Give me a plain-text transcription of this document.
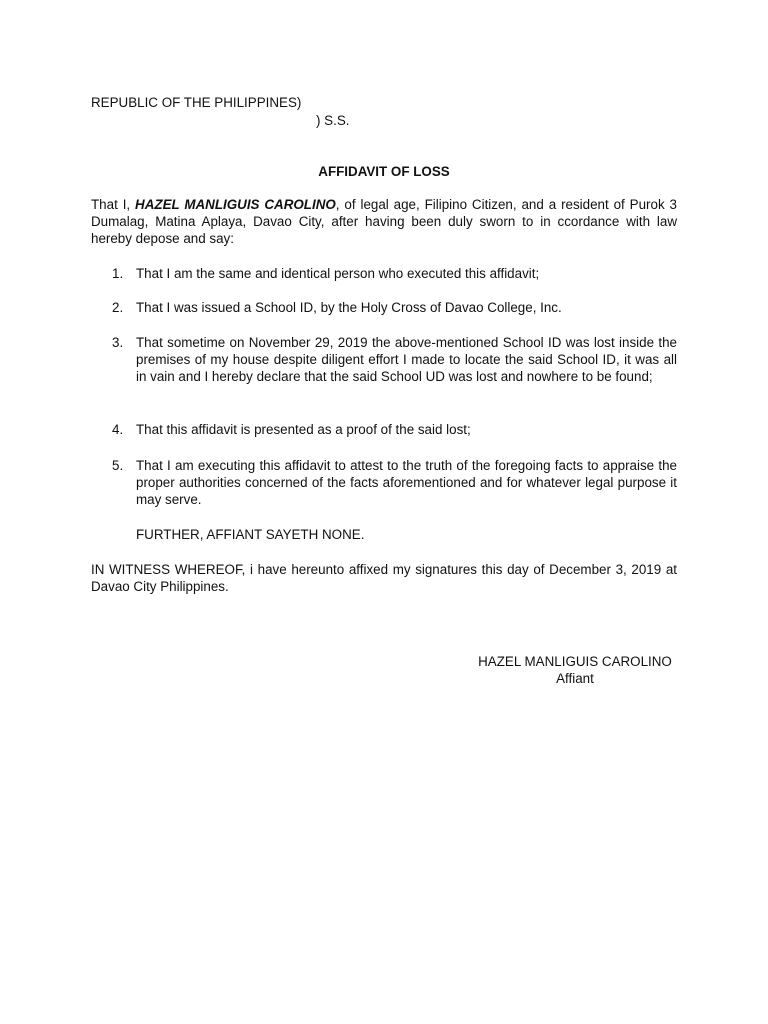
REPUBLIC OF THE PHILIPPINES)
) S.S.
AFFIDAVIT OF LOSS
That I, HAZEL MANLIGUIS CAROLINO, of legal age, Filipino Citizen, and a resident of Purok 3 Dumalag, Matina Aplaya, Davao City, after having been duly sworn to in ccordance with law hereby depose and say:
1. That I am the same and identical person who executed this affidavit;
2. That I was issued a School ID, by the Holy Cross of Davao College, Inc.
3. That sometime on November 29, 2019 the above-mentioned School ID was lost inside the premises of my house despite diligent effort I made to locate the said School ID, it was all in vain and I hereby declare that the said School UD was lost and nowhere to be found;
4. That this affidavit is presented as a proof of the said lost;
5. That I am executing this affidavit to attest to the truth of the foregoing facts to appraise the proper authorities concerned of the facts aforementioned and for whatever legal purpose it may serve.
FURTHER, AFFIANT SAYETH NONE.
IN WITNESS WHEREOF, i have hereunto affixed my signatures this day of December 3, 2019 at Davao City Philippines.
HAZEL MANLIGUIS CAROLINO
Affiant
